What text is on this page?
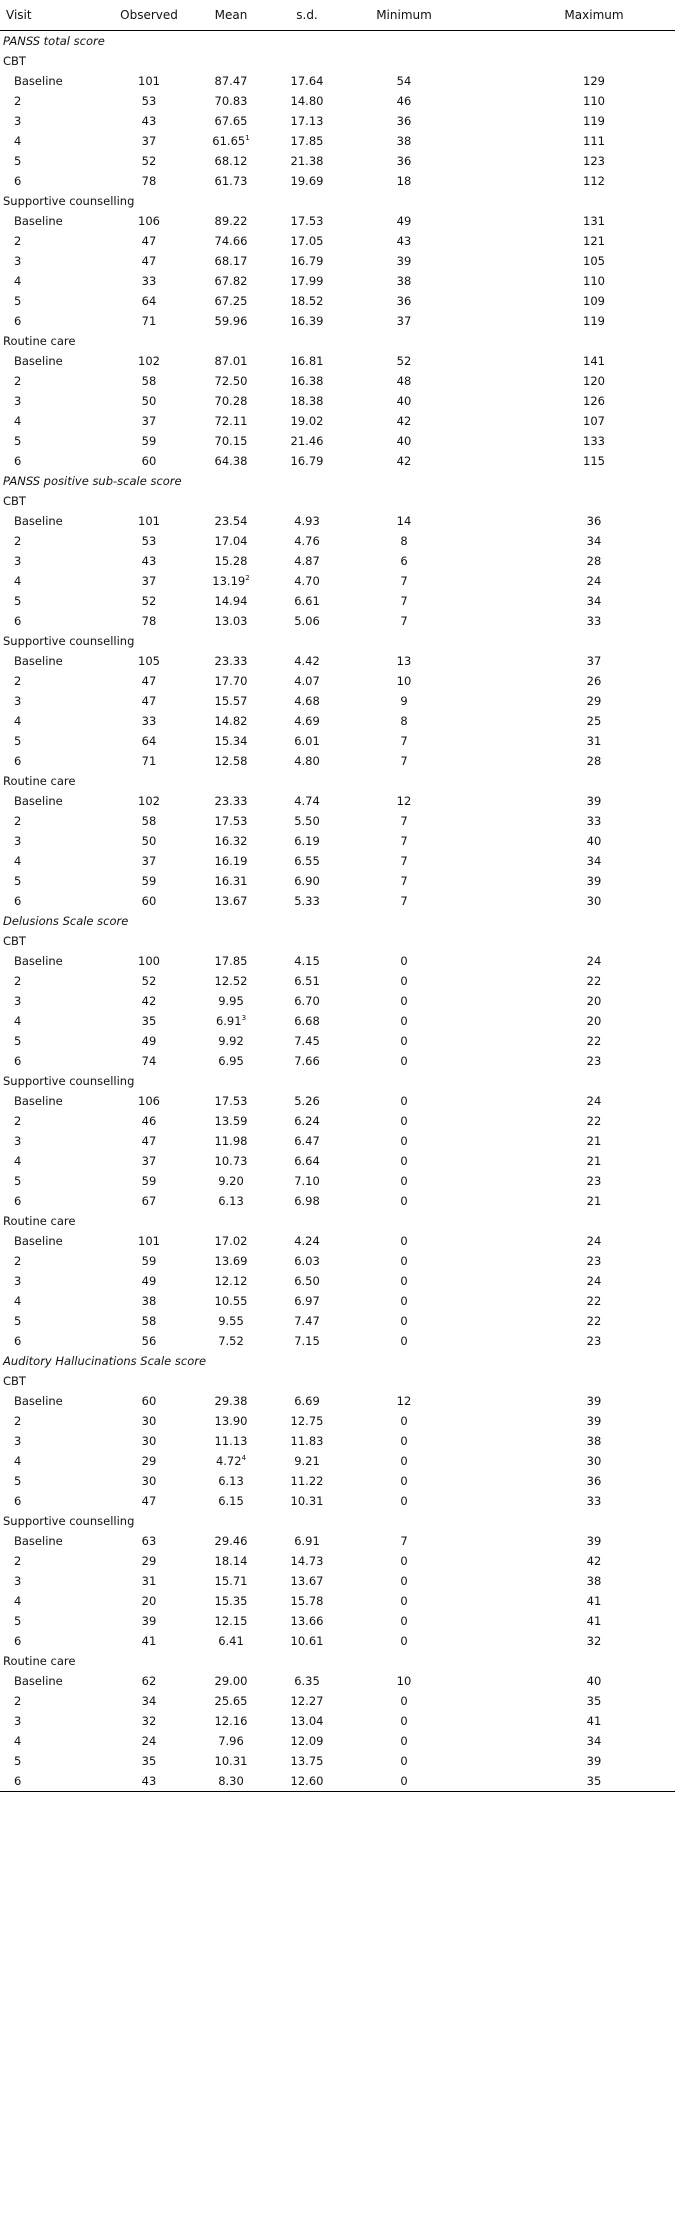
Visit	Observed	Mean	s.d.	Minimum	Maximum
PANSS total score
CBT
Baseline	101	87.47	17.64	54	129
2	53	70.83	14.80	46	110
3	43	67.65	17.13	36	119
4	37	61.65$^1$	17.85	38	111
5	52	68.12	21.38	36	123
6	78	61.73	19.69	18	112
Supportive counselling
Baseline	106	89.22	17.53	49	131
2	47	74.66	17.05	43	121
3	47	68.17	16.79	39	105
4	33	67.82	17.99	38	110
5	64	67.25	18.52	36	109
6	71	59.96	16.39	37	119
Routine care
Baseline	102	87.01	16.81	52	141
2	58	72.50	16.38	48	120
3	50	70.28	18.38	40	126
4	37	72.11	19.02	42	107
5	59	70.15	21.46	40	133
6	60	64.38	16.79	42	115
PANSS positive sub-scale score
CBT
Baseline	101	23.54	4.93	14	36
2	53	17.04	4.76	8	34
3	43	15.28	4.87	6	28
4	37	13.19$^2$	4.70	7	24
5	52	14.94	6.61	7	34
6	78	13.03	5.06	7	33
Supportive counselling
Baseline	105	23.33	4.42	13	37
2	47	17.70	4.07	10	26
3	47	15.57	4.68	9	29
4	33	14.82	4.69	8	25
5	64	15.34	6.01	7	31
6	71	12.58	4.80	7	28
Routine care
Baseline	102	23.33	4.74	12	39
2	58	17.53	5.50	7	33
3	50	16.32	6.19	7	40
4	37	16.19	6.55	7	34
5	59	16.31	6.90	7	39
6	60	13.67	5.33	7	30
Delusions Scale score
CBT
Baseline	100	17.85	4.15	0	24
2	52	12.52	6.51	0	22
3	42	9.95	6.70	0	20
4	35	6.91$^3$	6.68	0	20
5	49	9.92	7.45	0	22
6	74	6.95	7.66	0	23
Supportive counselling
Baseline	106	17.53	5.26	0	24
2	46	13.59	6.24	0	22
3	47	11.98	6.47	0	21
4	37	10.73	6.64	0	21
5	59	9.20	7.10	0	23
6	67	6.13	6.98	0	21
Routine care
Baseline	101	17.02	4.24	0	24
2	59	13.69	6.03	0	23
3	49	12.12	6.50	0	24
4	38	10.55	6.97	0	22
5	58	9.55	7.47	0	22
6	56	7.52	7.15	0	23
Auditory Hallucinations Scale score
CBT
Baseline	60	29.38	6.69	12	39
2	30	13.90	12.75	0	39
3	30	11.13	11.83	0	38
4	29	4.72$^4$	9.21	0	30
5	30	6.13	11.22	0	36
6	47	6.15	10.31	0	33
Supportive counselling
Baseline	63	29.46	6.91	7	39
2	29	18.14	14.73	0	42
3	31	15.71	13.67	0	38
4	20	15.35	15.78	0	41
5	39	12.15	13.66	0	41
6	41	6.41	10.61	0	32
Routine care
Baseline	62	29.00	6.35	10	40
2	34	25.65	12.27	0	35
3	32	12.16	13.04	0	41
4	24	7.96	12.09	0	34
5	35	10.31	13.75	0	39
6	43	8.30	12.60	0	35
